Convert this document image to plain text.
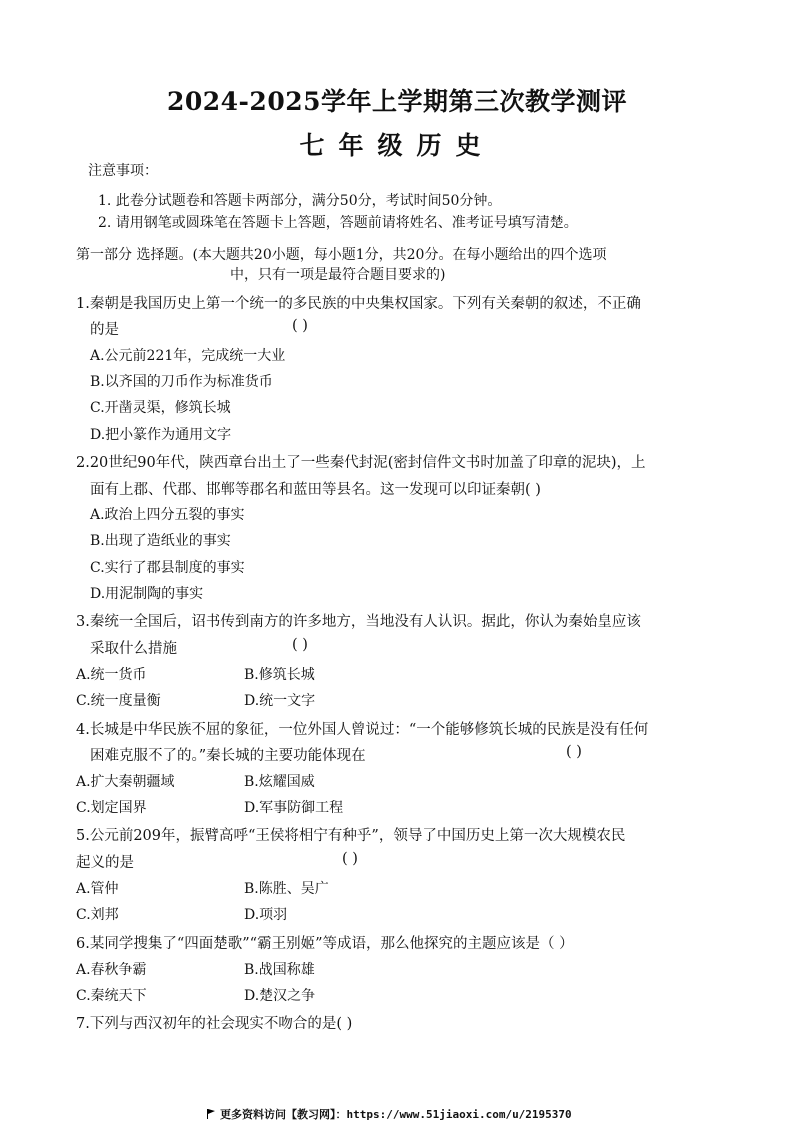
2024-2025学年上学期第三次教学测评
七年级历史
注意事项：
1. 此卷分试题卷和答题卡两部分，满分50分，考试时间50分钟。
2. 请用钢笔或圆珠笔在答题卡上答题，答题前请将姓名、准考证号填写清楚。
第一部分 选择题。(本大题共20小题，每小题1分，共20分。在每小题给出的四个选项
中，只有一项是最符合题目要求的)
1.秦朝是我国历史上第一个统一的多民族的中央集权国家。下列有关秦朝的叙述，不正确
的是	( )
A.公元前221年，完成统一大业
B.以齐国的刀币作为标准货币
C.开凿灵渠，修筑长城
D.把小篆作为通用文字
2.20世纪90年代，陕西章台出土了一些秦代封泥(密封信件文书时加盖了印章的泥块)，上
面有上郡、代郡、邯郸等郡名和蓝田等县名。这一发现可以印证秦朝( )
A.政治上四分五裂的事实
B.出现了造纸业的事实
C.实行了郡县制度的事实
D.用泥制陶的事实
3.秦统一全国后，诏书传到南方的许多地方，当地没有人认识。据此，你认为秦始皇应该
采取什么措施	( )
A.统一货币	B.修筑长城
C.统一度量衡	D.统一文字
4.长城是中华民族不屈的象征，一位外国人曾说过：“一个能够修筑长城的民族是没有任何
困难克服不了的。”秦长城的主要功能体现在	( )
A.扩大秦朝疆域	B.炫耀国威
C.划定国界	D.军事防御工程
5.公元前209年，振臂高呼“王侯将相宁有种乎”，领导了中国历史上第一次大规模农民
起义的是	( )
A.管仲	B.陈胜、吴广
C.刘邦	D.项羽
6.某同学搜集了“四面楚歌”“霸王别姬”等成语，那么他探究的主题应该是（ ）
A.春秋争霸	B.战国称雄
C.秦统天下	D.楚汉之争
7.下列与西汉初年的社会现实不吻合的是( )
更多资料访问【教习网】：https://www.51jiaoxi.com/u/2195370
